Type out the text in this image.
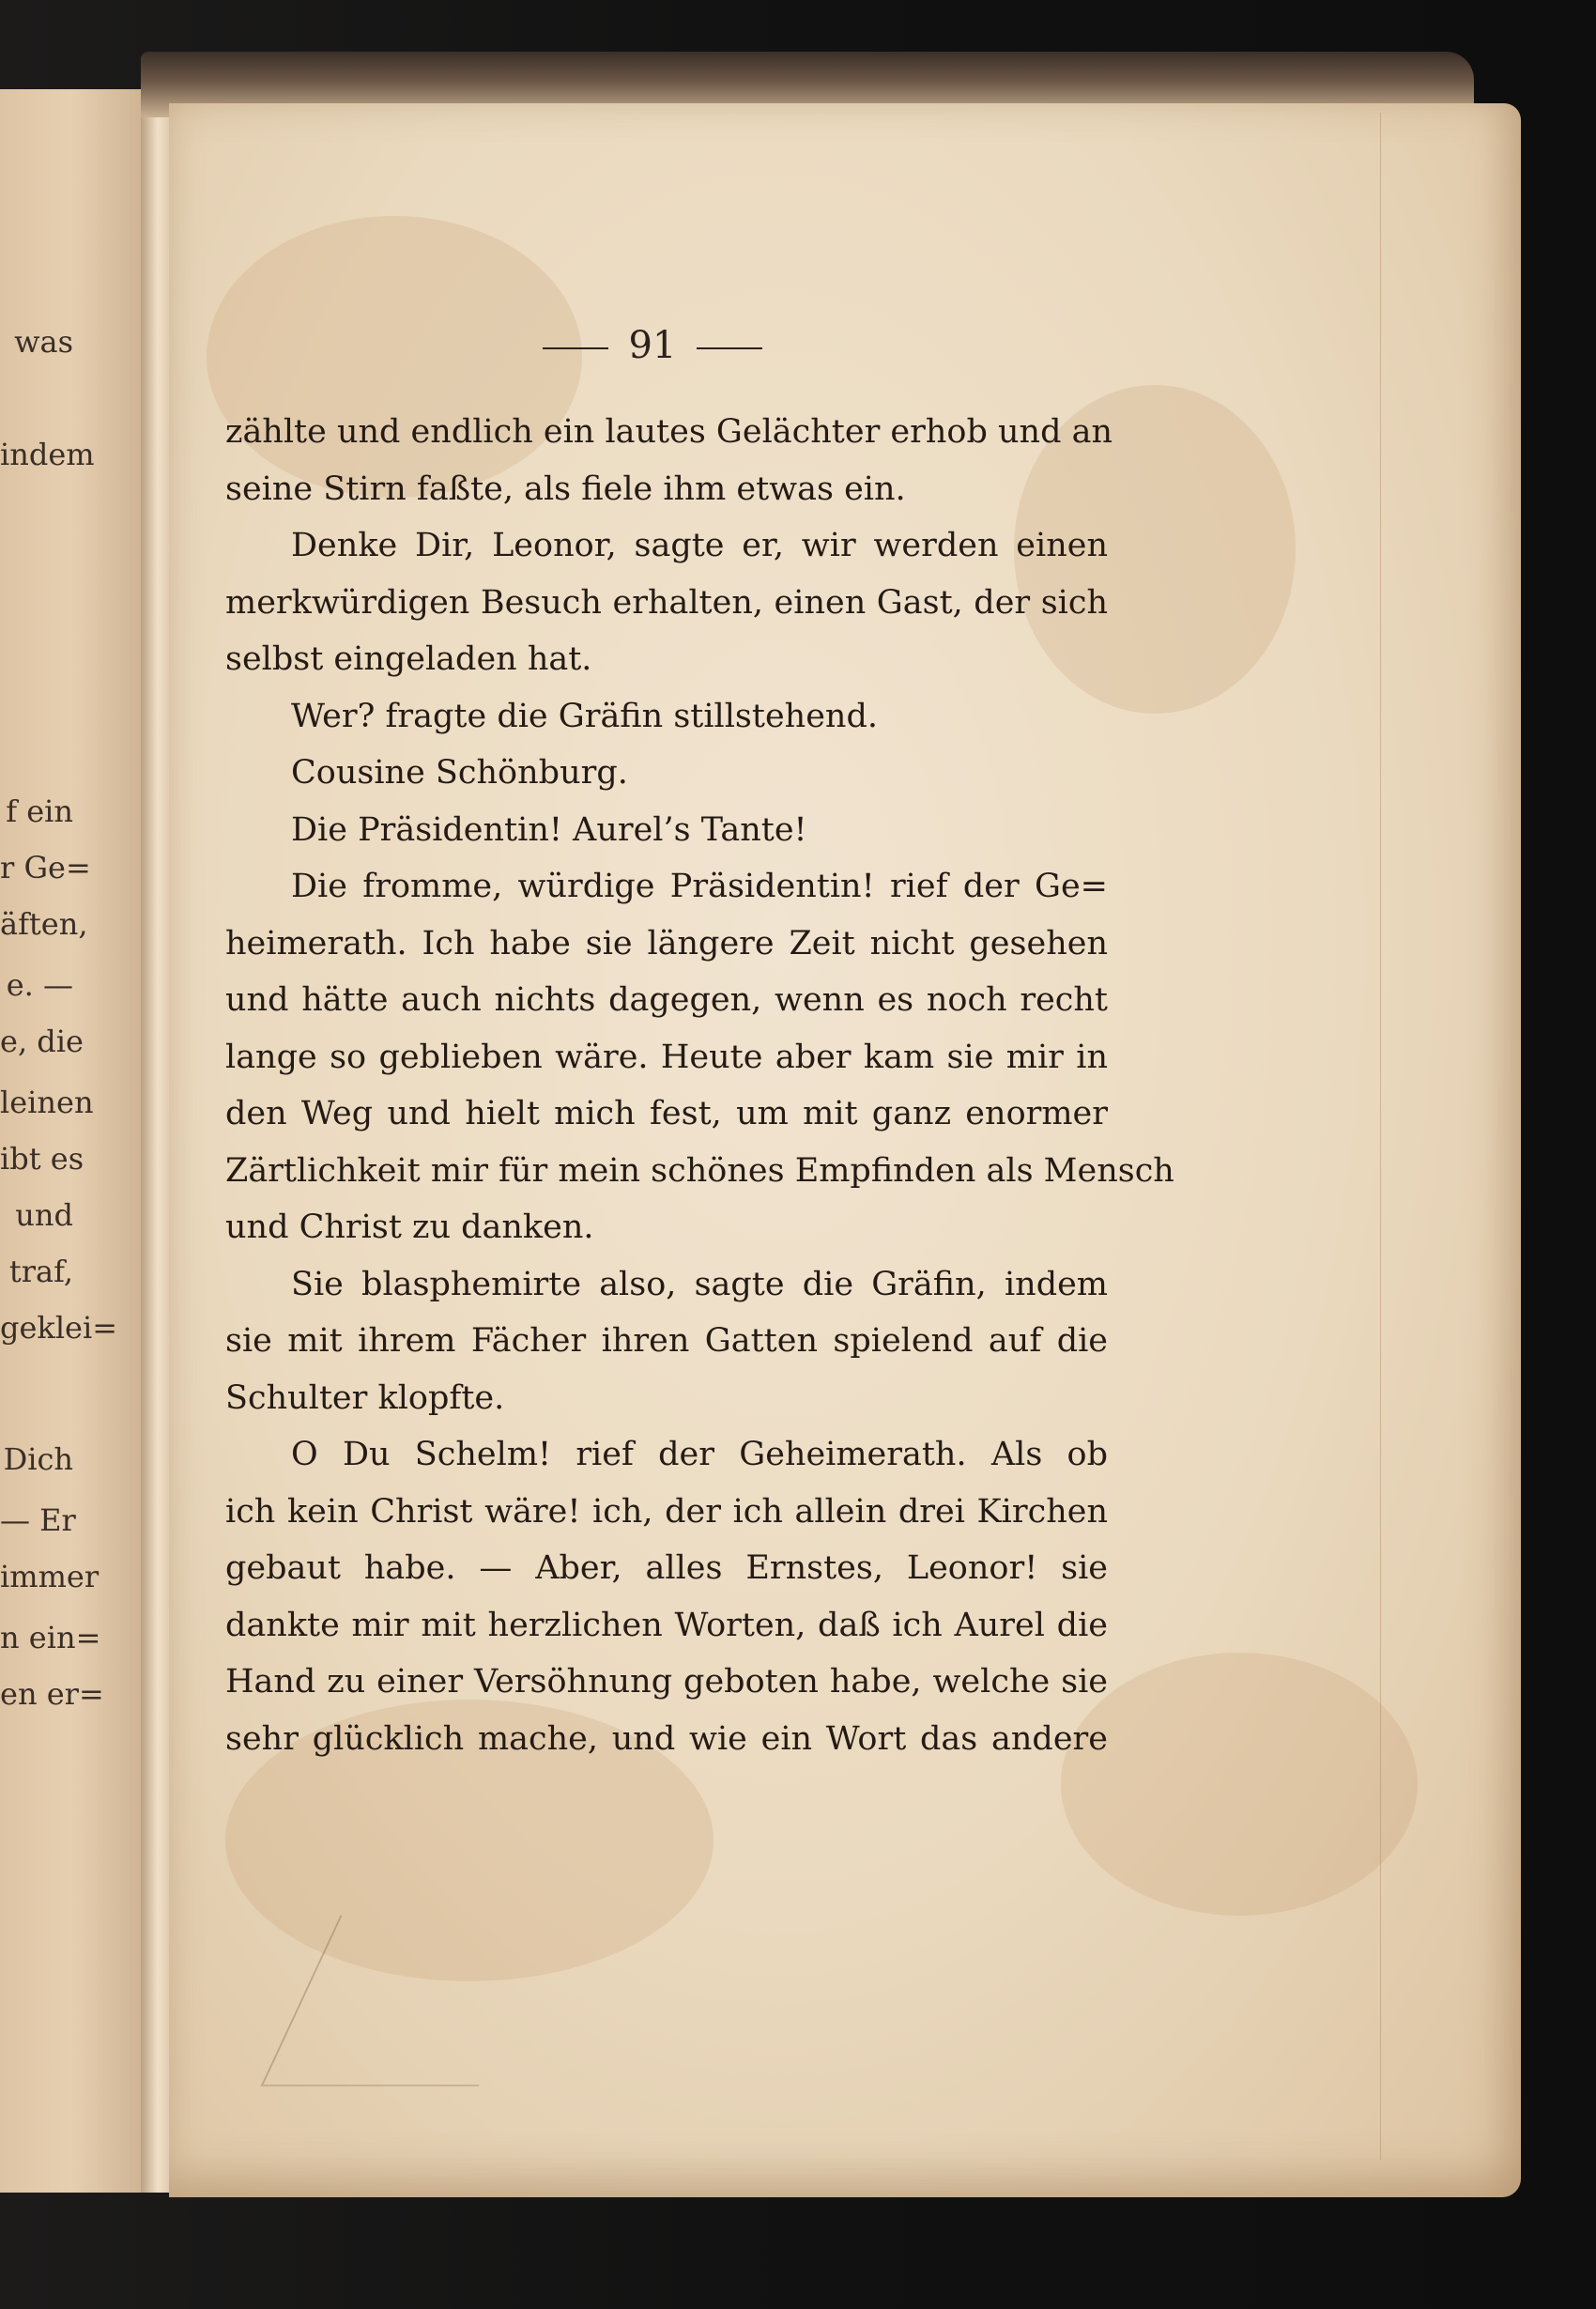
was
indem
f ein
r Ge=
äften,
e. —
e, die
leinen
ibt es
und
traf,
geklei=
Dich
— Er
immer
n ein=
en er=
91
zählte und endlich ein lautes Gelächter erhob und an
seine Stirn faßte, als fiele ihm etwas ein.
Denke Dir, Leonor, sagte er, wir werden einen
merkwürdigen Besuch erhalten, einen Gast, der sich
selbst eingeladen hat.
Wer? fragte die Gräfin stillstehend.
Cousine Schönburg.
Die Präsidentin! Aurel’s Tante!
Die fromme, würdige Präsidentin! rief der Ge=
heimerath. Ich habe sie längere Zeit nicht gesehen
und hätte auch nichts dagegen, wenn es noch recht
lange so geblieben wäre. Heute aber kam sie mir in
den Weg und hielt mich fest, um mit ganz enormer
Zärtlichkeit mir für mein schönes Empfinden als Mensch
und Christ zu danken.
Sie blasphemirte also, sagte die Gräfin, indem
sie mit ihrem Fächer ihren Gatten spielend auf die
Schulter klopfte.
O Du Schelm! rief der Geheimerath. Als ob
ich kein Christ wäre! ich, der ich allein drei Kirchen
gebaut habe. — Aber, alles Ernstes, Leonor! sie
dankte mir mit herzlichen Worten, daß ich Aurel die
Hand zu einer Versöhnung geboten habe, welche sie
sehr glücklich mache, und wie ein Wort das andere
